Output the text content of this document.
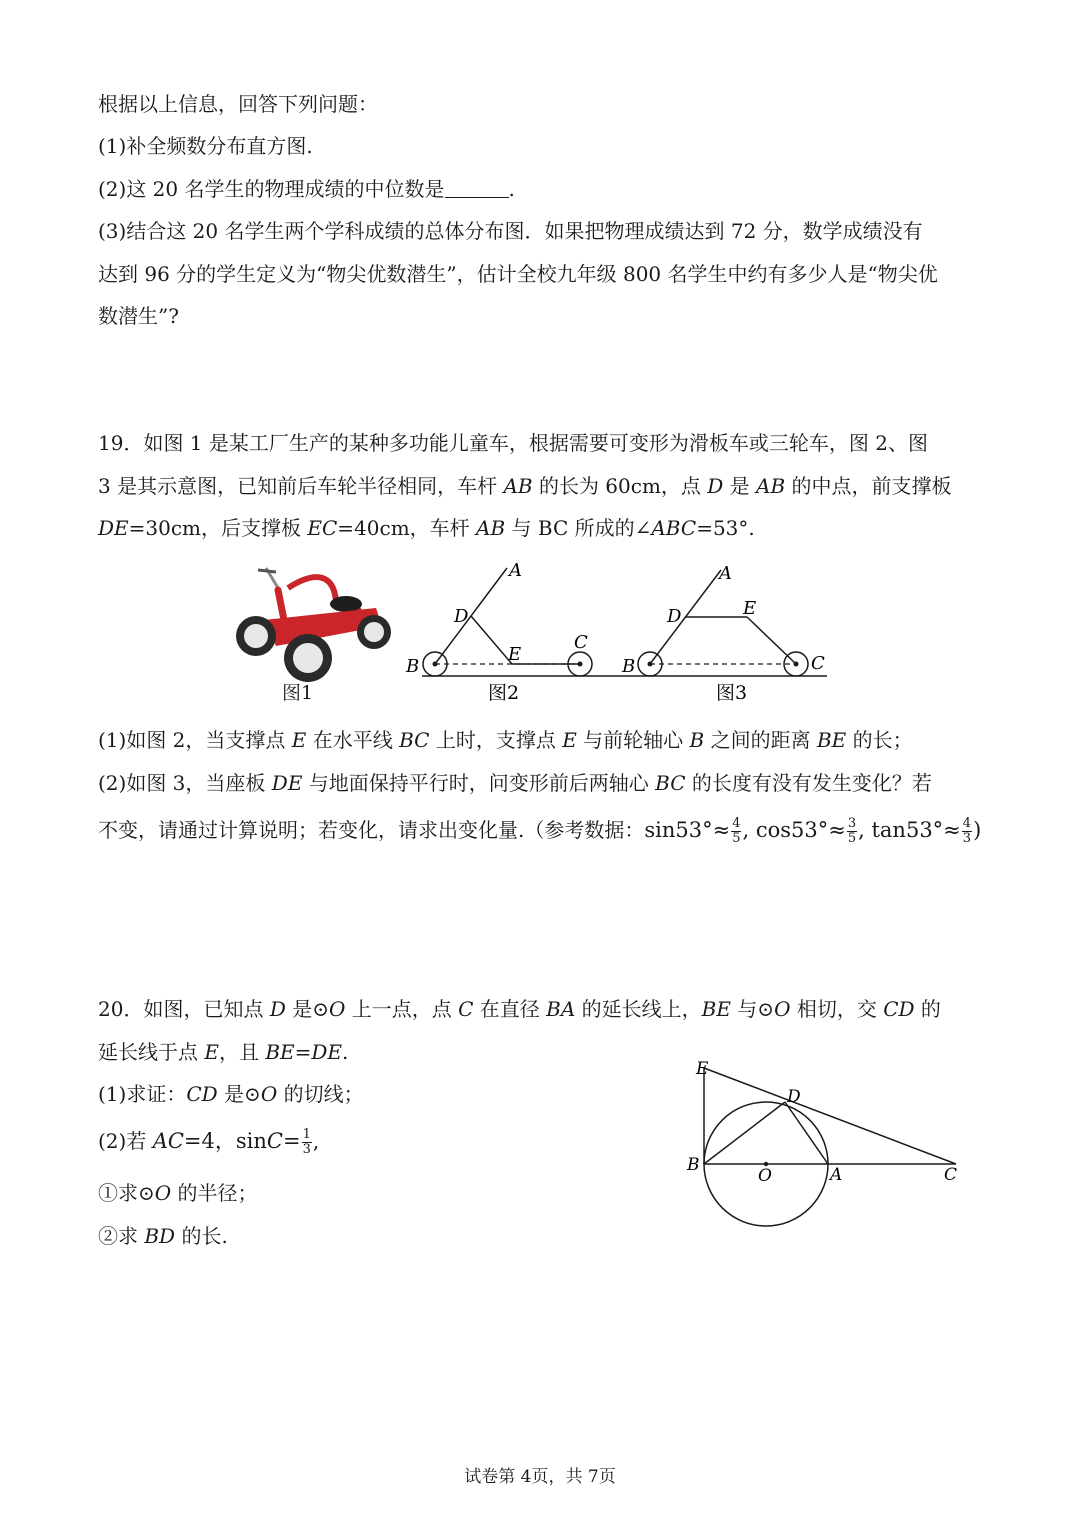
根据以上信息，回答下列问题：
(1)补全频数分布直方图.
(2)这 20 名学生的物理成绩的中位数是	.
(3)结合这 20 名学生两个学科成绩的总体分布图．如果把物理成绩达到 72 分，数学成绩没有
达到 96 分的学生定义为“物尖优数潜生”，估计全校九年级 800 名学生中约有多少人是“物尖优
数潜生”?
19．如图 1 是某工厂生产的某种多功能儿童车，根据需要可变形为滑板车或三轮车，图 2、图
3 是其示意图，已知前后车轮半径相同，车杆 AB 的长为 60cm，点 D 是 AB 的中点，前支撑板
DE=30cm，后支撑板 EC=40cm，车杆 AB 与 BC 所成的∠ABC=53°.
图1
A
D
E
B
C
图2
A
D	E
B	C
图3
(1)如图 2，当支撑点 E 在水平线 BC 上时，支撑点 E 与前轮轴心 B 之间的距离 BE 的长；
(2)如图 3，当座板 DE 与地面保持平行时，问变形前后两轴心 BC 的长度有没有发生变化？若
不变，请通过计算说明；若变化，请求出变化量.（参考数据：$\sin 53^\circ\approx \frac{4}{5}$ , $\cos 53^\circ\approx \frac{3}{5}$ , $\tan 53^\circ\approx \frac{4}{3}$ )
20．如图，已知点 D 是⊙O 上一点，点 C 在直径 BA 的延长线上，BE 与⊙O 相切，交 CD 的
延长线于点 E，且 BE=DE.
(1)求证：CD 是⊙O 的切线；
(2)若 AC=4，$\sin C= \frac{1}{3}$ ,
①求⊙O 的半径；
②求 BD 的长.
E
D
B
O	A	C
试卷第 4页，共 7页
